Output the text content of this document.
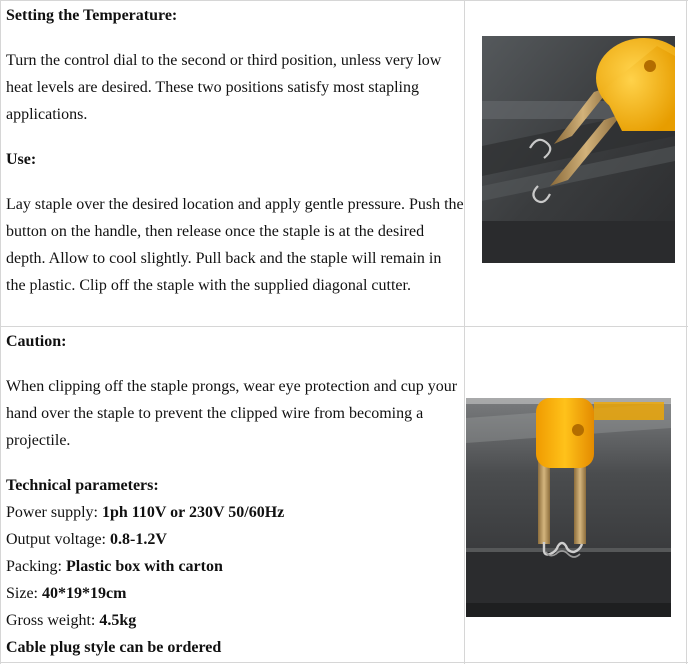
Setting the Temperature:

Turn the control dial to the second or third position, unless very low heat levels are desired. These two positions satisfy most stapling applications.

Use:

Lay staple over the desired location and apply gentle pressure. Push the button on the handle, then release once the staple is at the desired depth. Allow to cool slightly. Pull back and the staple will remain in the plastic. Clip off the staple with the supplied diagonal cutter.

Caution:

When clipping off the staple prongs, wear eye protection and cup your hand over the staple to prevent the clipped wire from becoming a projectile.

Technical parameters:

Power supply: 1ph 110V or 230V 50/60Hz

Output voltage: 0.8-1.2V

Packing: Plastic box with carton

Size: 40*19*19cm

Gross weight: 4.5kg

Cable plug style can be ordered
